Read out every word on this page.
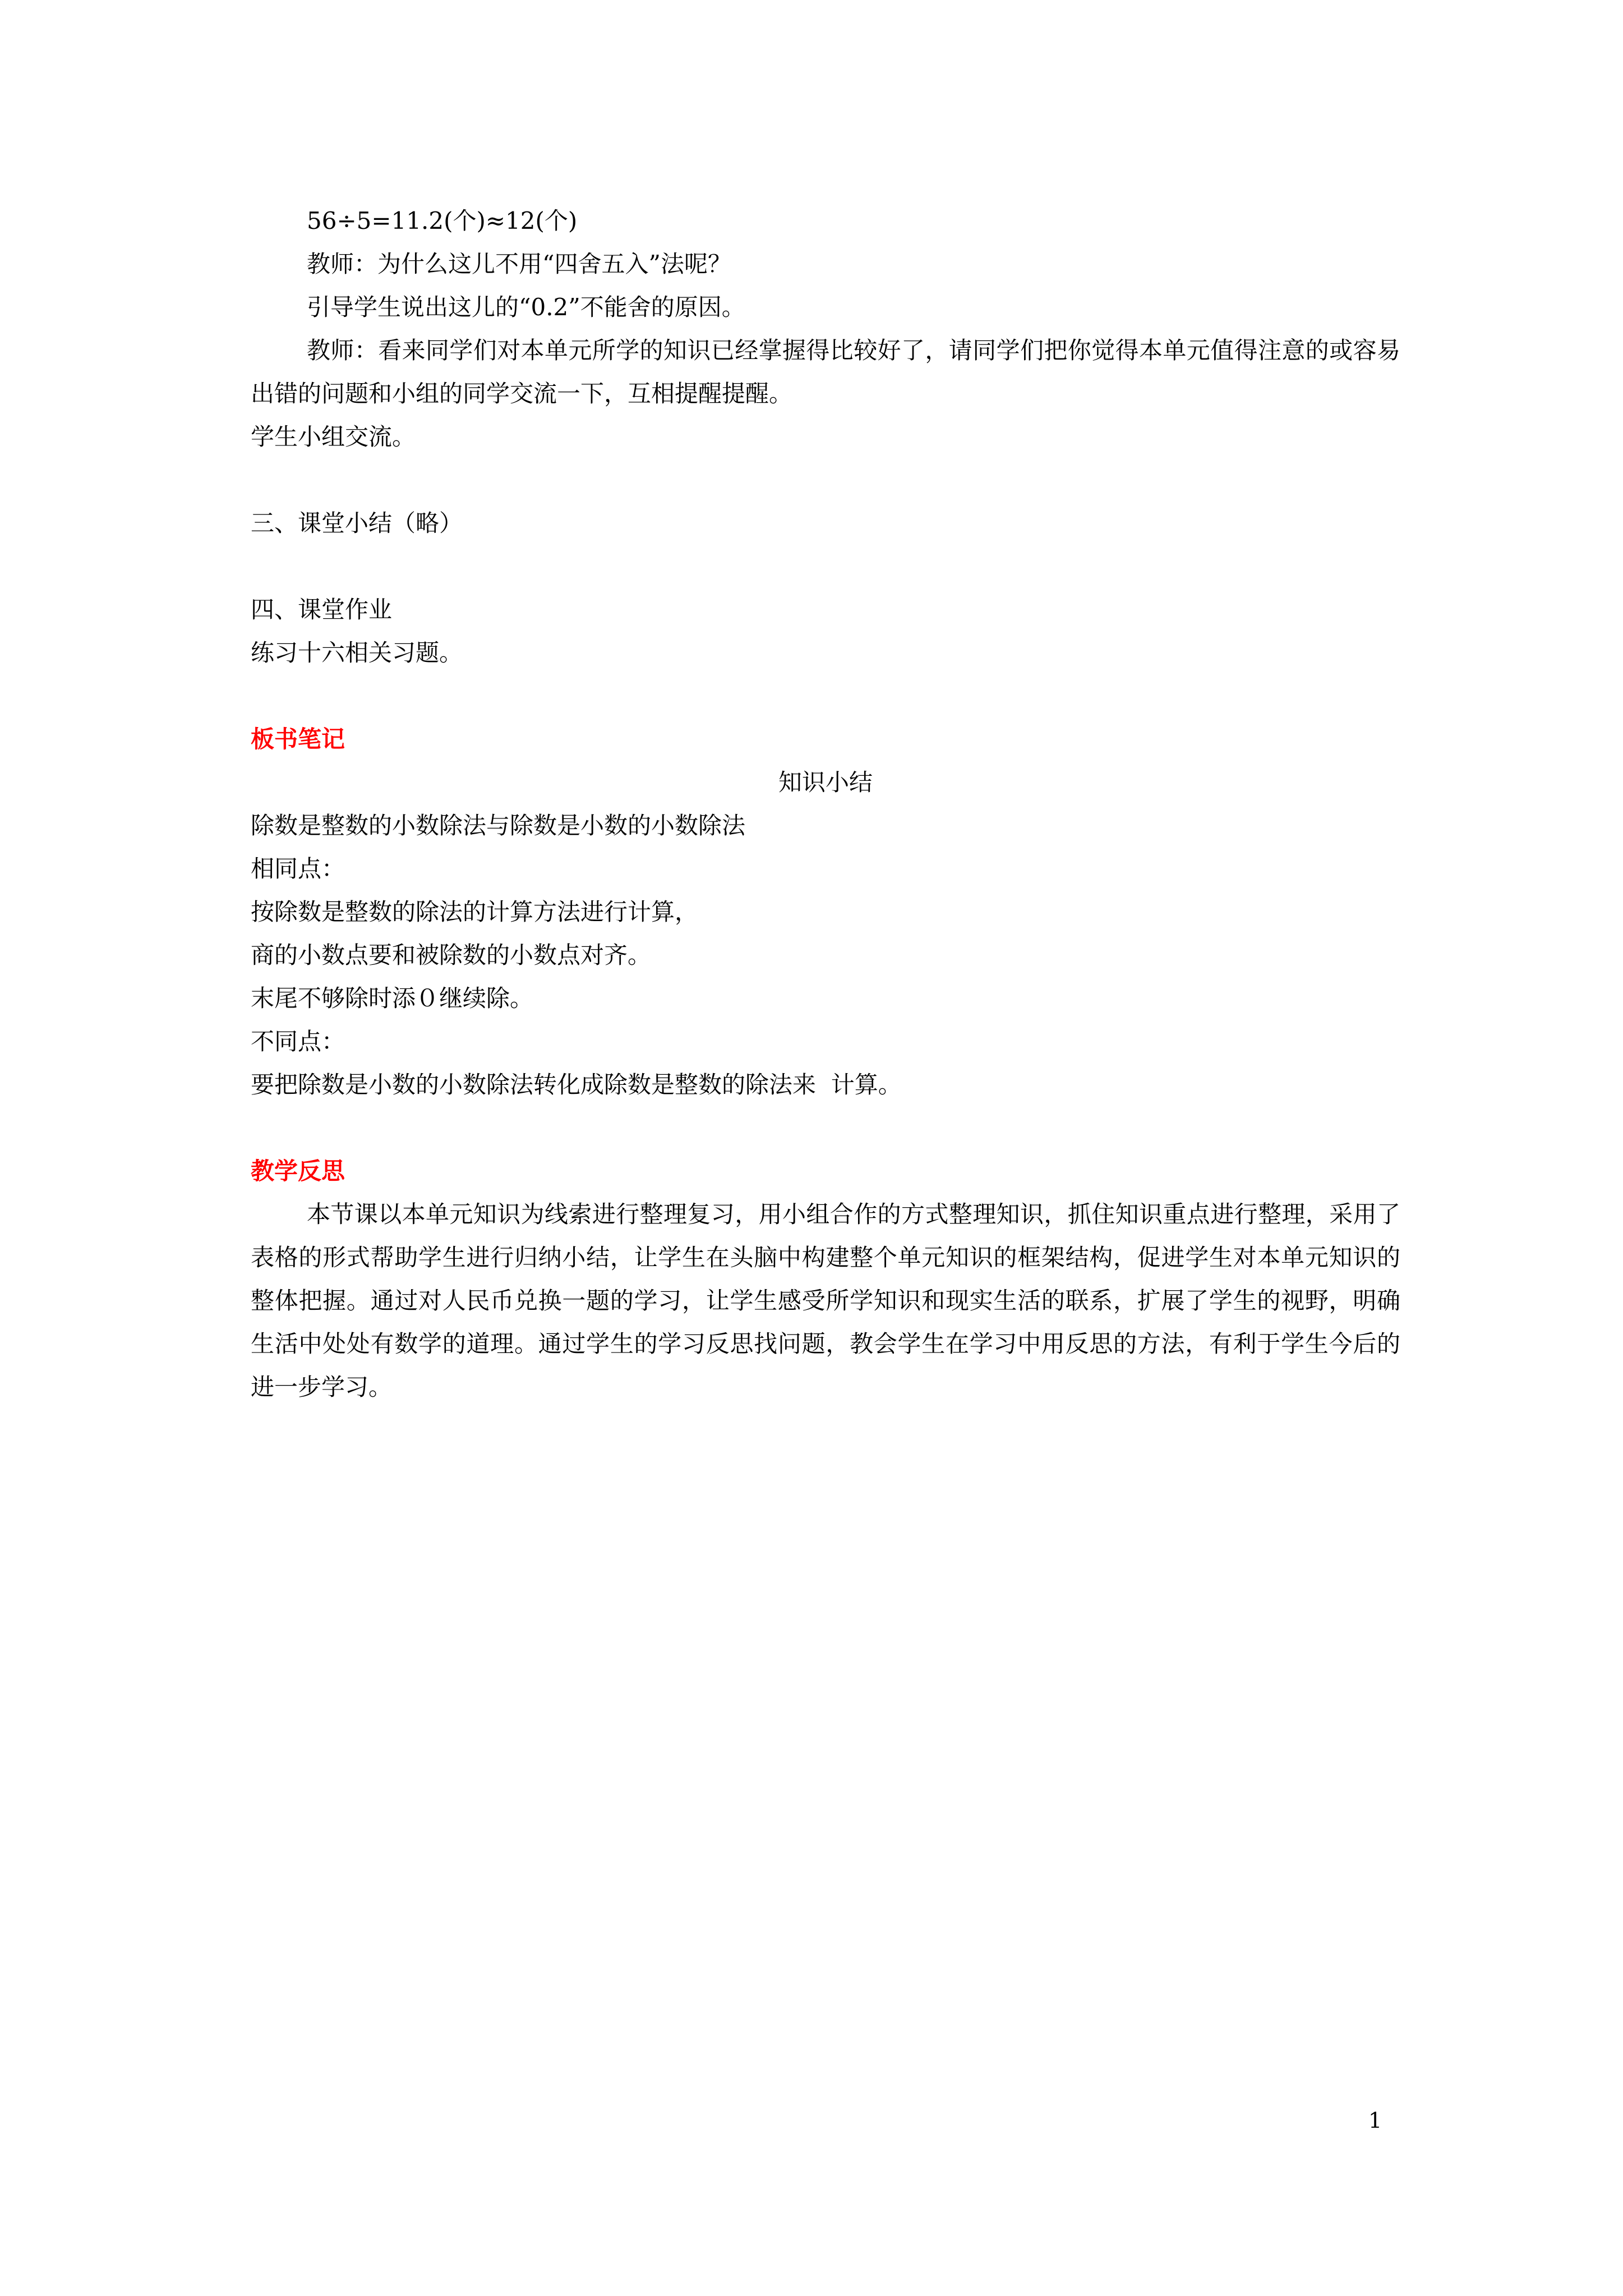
56÷5=11.2(个)≈12(个)
教师：为什么这儿不用“四舍五入”法呢？
引导学生说出这儿的“0.2”不能舍的原因。
教师：看来同学们对本单元所学的知识已经掌握得比较好了，请同学们把你觉得本单元值得注意的或容易出错的问题和小组的同学交流一下，互相提醒提醒。
学生小组交流。
三、课堂小结（略）
四、课堂作业
练习十六相关习题。
板书笔记
知识小结
除数是整数的小数除法与除数是小数的小数除法
相同点：
按除数是整数的除法的计算方法进行计算，
商的小数点要和被除数的小数点对齐。
末尾不够除时添０继续除。
不同点：
要把除数是小数的小数除法转化成除数是整数的除法来  计算。
教学反思
本节课以本单元知识为线索进行整理复习，用小组合作的方式整理知识，抓住知识重点进行整理，采用了表格的形式帮助学生进行归纳小结，让学生在头脑中构建整个单元知识的框架结构，促进学生对本单元知识的整体把握。通过对人民币兑换一题的学习，让学生感受所学知识和现实生活的联系，扩展了学生的视野，明确生活中处处有数学的道理。通过学生的学习反思找问题，教会学生在学习中用反思的方法，有利于学生今后的进一步学习。
1
